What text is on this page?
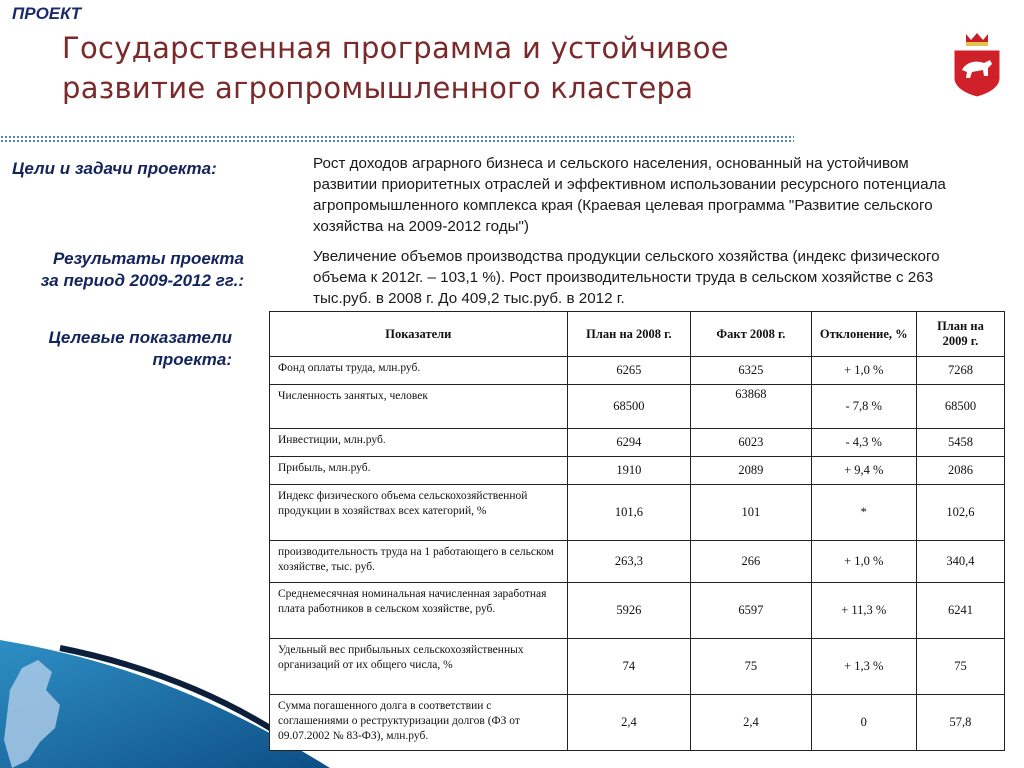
ПРОЕКТ
Государственная программа и устойчивое
развитие агропромышленного кластера
Цели и задачи проекта:	Рост доходов аграрного бизнеса и сельского населения, основанный на устойчивом развитии приоритетных отраслей и эффективном использовании ресурсного потенциала агропромышленного комплекса края (Краевая целевая программа "Развитие сельского хозяйства на 2009-2012 годы")
Результаты проекта
за период 2009-2012 гг.:
Увеличение объемов производства продукции сельского хозяйства (индекс физического объема к 2012г. – 103,1 %). Рост производительности труда в сельском хозяйстве с 263 тыс.руб. в 2008 г. До 409,2 тыс.руб. в 2012 г.
Целевые показатели
проекта:
Показатели	План на 2008 г.	Факт 2008 г.	Отклонение, %	План на 2009 г.
Фонд оплаты труда, млн.руб.	6265	6325	+ 1,0 %	7268
Численность занятых, человек	68500	63868	- 7,8 %	68500
Инвестиции, млн.руб.	6294	6023	- 4,3 %	5458
Прибыль, млн.руб.	1910	2089	+ 9,4 %	2086
Индекс физического объема сельскохозяйственной продукции в хозяйствах всех категорий, %	101,6	101	*	102,6
производительность труда на 1 работающего в сельском хозяйстве, тыс. руб.	263,3	266	+ 1,0 %	340,4
Среднемесячная номинальная начисленная заработная плата работников в сельском хозяйстве, руб.	5926	6597	+ 11,3 %	6241
Удельный вес прибыльных сельскохозяйственных организаций от их общего числа, %	74	75	+ 1,3 %	75
Сумма погашенного долга в соответствии с соглашениями о реструктуризации долгов (ФЗ от 09.07.2002 № 83-ФЗ), млн.руб.	2,4	2,4	0	57,8
